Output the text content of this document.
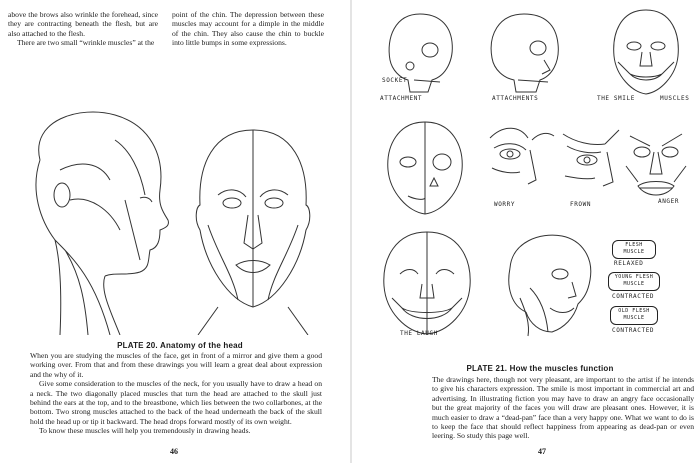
above the brows also wrinkle the forehead, since they are contracting beneath the flesh, but are also attached to the flesh.

There are two small “wrinkle muscles” at the

point of the chin. The depression between these muscles may account for a dimple in the middle of the chin. They also cause the chin to buckle into little bumps in some expressions.

PLATE 20. Anatomy of the head

When you are studying the muscles of the face, get in front of a mirror and give them a good working over. From that and from these drawings you will learn a great deal about expression and the why of it.

Give some consideration to the muscles of the neck, for you usually have to draw a head on a neck. The two diagonally placed muscles that turn the head are attached to the skull just behind the ears at the top, and to the breastbone, which lies between the two collarbones, at the bottom. Two strong muscles attached to the back of the head underneath the back of the skull hold the head up or tip it backward. The head drops forward mostly of its own weight.

To know these muscles will help you tremendously in drawing heads.

46
SOCKET
ATTACHMENT	ATTACHMENTS	THE SMILE	MUSCLES
WORRY	FROWN	ANGER
THE LAUGH
FLESH MUSCLE
RELAXED
YOUNG FLESH MUSCLE
CONTRACTED
OLD FLESH MUSCLE
CONTRACTED
PLATE 21. How the muscles function

The drawings here, though not very pleasant, are important to the artist if he intends to give his characters expression. The smile is most important in commercial art and advertising. In illustrating fiction you may have to draw an angry face occasionally but the great majority of the faces you will draw are pleasant ones. However, it is much easier to draw a “dead-pan” face than a very happy one. What we want to do is to keep the face that should reflect happiness from appearing as dead-pan or even leering. So study this page well.

47
